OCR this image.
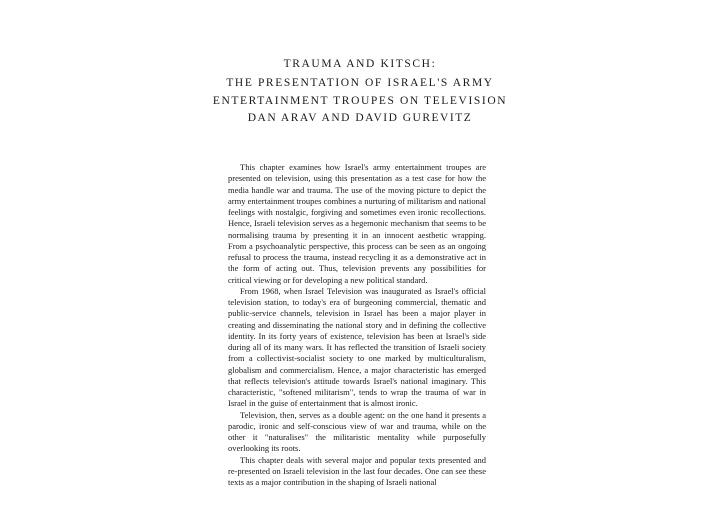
TRAUMA AND KITSCH:
THE PRESENTATION OF ISRAEL'S ARMY
ENTERTAINMENT TROUPES ON TELEVISION
DAN ARAV AND DAVID GUREVITZ

This chapter examines how Israel's army entertainment troupes are presented on television, using this presentation as a test case for how the media handle war and trauma. The use of the moving picture to depict the army entertainment troupes combines a nurturing of militarism and national feelings with nostalgic, forgiving and sometimes even ironic recollections. Hence, Israeli television serves as a hegemonic mechanism that seems to be normalising trauma by presenting it in an innocent aesthetic wrapping. From a psychoanalytic perspective, this process can be seen as an ongoing refusal to process the trauma, instead recycling it as a demonstrative act in the form of acting out. Thus, television prevents any possibilities for critical viewing or for developing a new political standard.

From 1968, when Israel Television was inaugurated as Israel's official television station, to today's era of burgeoning commercial, thematic and public-service channels, television in Israel has been a major player in creating and disseminating the national story and in defining the collective identity. In its forty years of existence, television has been at Israel's side during all of its many wars. It has reflected the transition of Israeli society from a collectivist-socialist society to one marked by multiculturalism, globalism and commercialism. Hence, a major characteristic has emerged that reflects television's attitude towards Israel's national imaginary. This characteristic, "softened militarism", tends to wrap the trauma of war in Israel in the guise of entertainment that is almost ironic.

Television, then, serves as a double agent: on the one hand it presents a parodic, ironic and self-conscious view of war and trauma, while on the other it "naturalises" the militaristic mentality while purposefully overlooking its roots.

This chapter deals with several major and popular texts presented and re-presented on Israeli television in the last four decades. One can see these texts as a major contribution in the shaping of Israeli national
